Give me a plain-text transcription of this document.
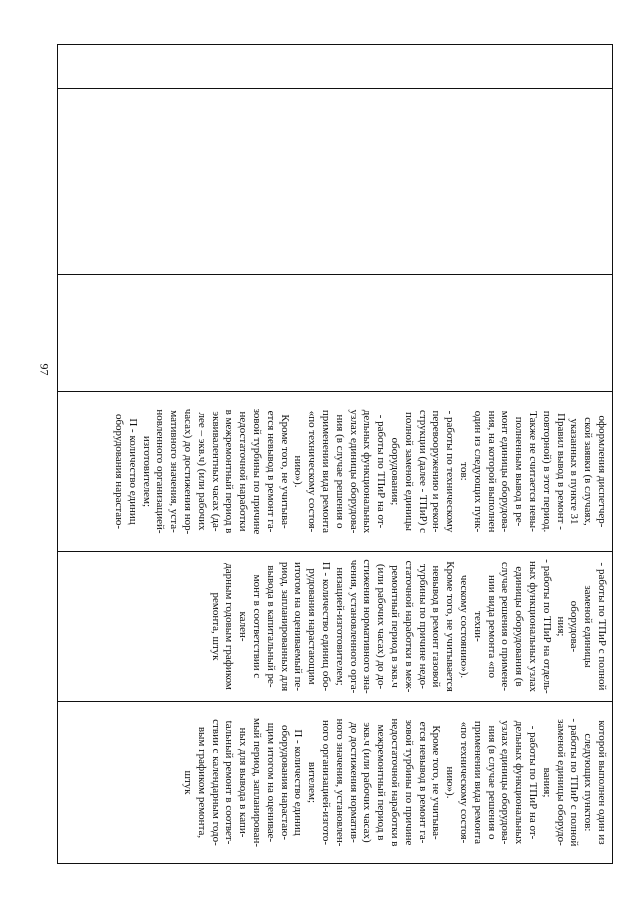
97

оформления диспетчер-
ской заявки (в случаях,
указанных в пункте 31
Правил вывод в ремонт -
повторной) в этот период.
Также не считается невы-
полненным вывод в ре-
монт единицы оборудова-
ния, на которой выполнен
один из следующих пунк-
тов:
- работы по техническому
перевооружению и рекон-
струкции (далее - ТПиР) с
полной заменой единицы
оборудования;
- работы по ТПиР на от-
дельных функциональных
узлах единицы оборудова-
ния (в случае решения о
применении вида ремонта
«по техническому состоя-
нию»).
Кроме того, не учитыва-
ется невывод в ремонт га-
зовой турбины по причине
недостаточной наработки
в межремонтный период в
эквивалентных часах (да-
лее – экв.ч) (или рабочих
часах) до достижения нор-
мативного значения, уста-
новленного организацией-
изготовителем;
П - количество единиц
оборудования нарастаю-

- работы по ТПиР с полной
заменой единицы оборудова-
ния;
- работы по ТПиР на отдель-
ных функциональных узлах
единицы оборудования (в
случае решения о примене-
нии вида ремонта «по техни-
ческому состоянию»).
Кроме того, не учитывается
невывод в ремонт газовой
турбины по причине недо-
статочной наработки в меж-
ремонтный период в экв.ч
(или рабочих часах) до до-
стижения нормативного зна-
чения, установленного орга-
низацией-изготовителем;
П - количество единиц обо-
рудования нарастающим
итогом на оцениваемый пе-
риод, запланированных для
вывода в капитальный ре-
монт в соответствии с кален-
дарным годовым графиком
ремонта, штук

которой выполнен один из
следующих пунктов:
- работы по ТПиР с полной
заменой единицы оборудо-
вания;
- работы по ТПиР на от-
дельных функциональных
узлах единицы оборудова-
ния (в случае решения о
применении вида ремонта
«по техническому состоя-
нию»).
Кроме того, не учитыва-
ется невывод в ремонт га-
зовой турбины по причине
недостаточной наработки в
межремонтный период в
экв.ч (или рабочих часах)
до достижения норматив-
ного значения, установлен-
ного организацией-изгото-
вителем;
П - количество единиц
оборудования нарастаю-
щим итогом на оценивае-
мый период, запланирован-
ных для вывода в капи-
tальный ремонт в соответ-
ствии с календарным годо-
вым графиком ремонта,
штук
